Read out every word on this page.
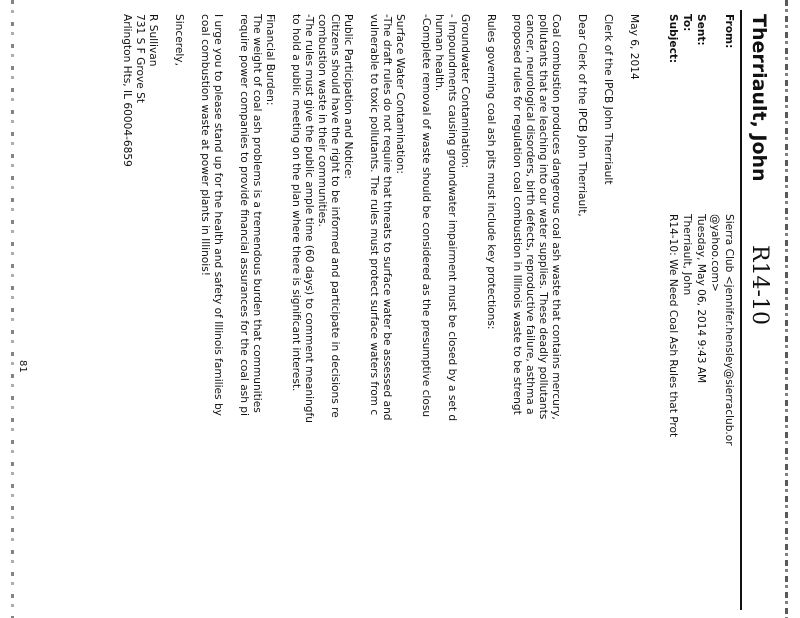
Therriault, John
R14-10
From:
Sierra Club <jennifer.hensley@sierraclub.or
@yahoo.com>
Sent:
Tuesday, May 06, 2014 9:43 AM
To:
Therriault, John
Subject:
R14-10: We Need Coal Ash Rules that Prot

May 6, 2014

Clerk of the IPCB John Therriault

Dear Clerk of the IPCB John Therriault,

Coal combustion produces dangerous coal ash waste that contains mercury,
pollutants that are leaching into our water supplies. These deadly pollutants
cancer, neurological disorders, birth defects, reproductive failure, asthma a
proposed rules for regulation coal combustion in Illinois waste to be strengt

Rules governing coal ash pits must include key protections:

Groundwater Contamination:
- Impoundments causing groundwater impairment must be closed by a set d
human health.
-Complete removal of waste should be considered as the presumptive closu

Surface Water Contamination:
-The draft rules do not require that threats to surface water be assessed and
vulnerable to toxic pollutants. The rules must protect surface waters from c

Public Participation and Notice:
Citizens should have the right to be informed and participate in decisions re
combustion waste in their communities.
-The rules must give the public ample time (60 days) to comment meaningfu
to hold a public meeting on the plan where there is significant interest.

Financial Burden:
The weight of coal ash problems is a tremendous burden that communities
require power companies to provide financial assurances for the coal ash pi

I urge you to please stand up for the health and safety of Illinois families by
coal combustion waste at power plants in Illinois!

Sincerely,

R Sullivan
731 S F Grove St
Arlington Hts, IL 60004-6859

81
